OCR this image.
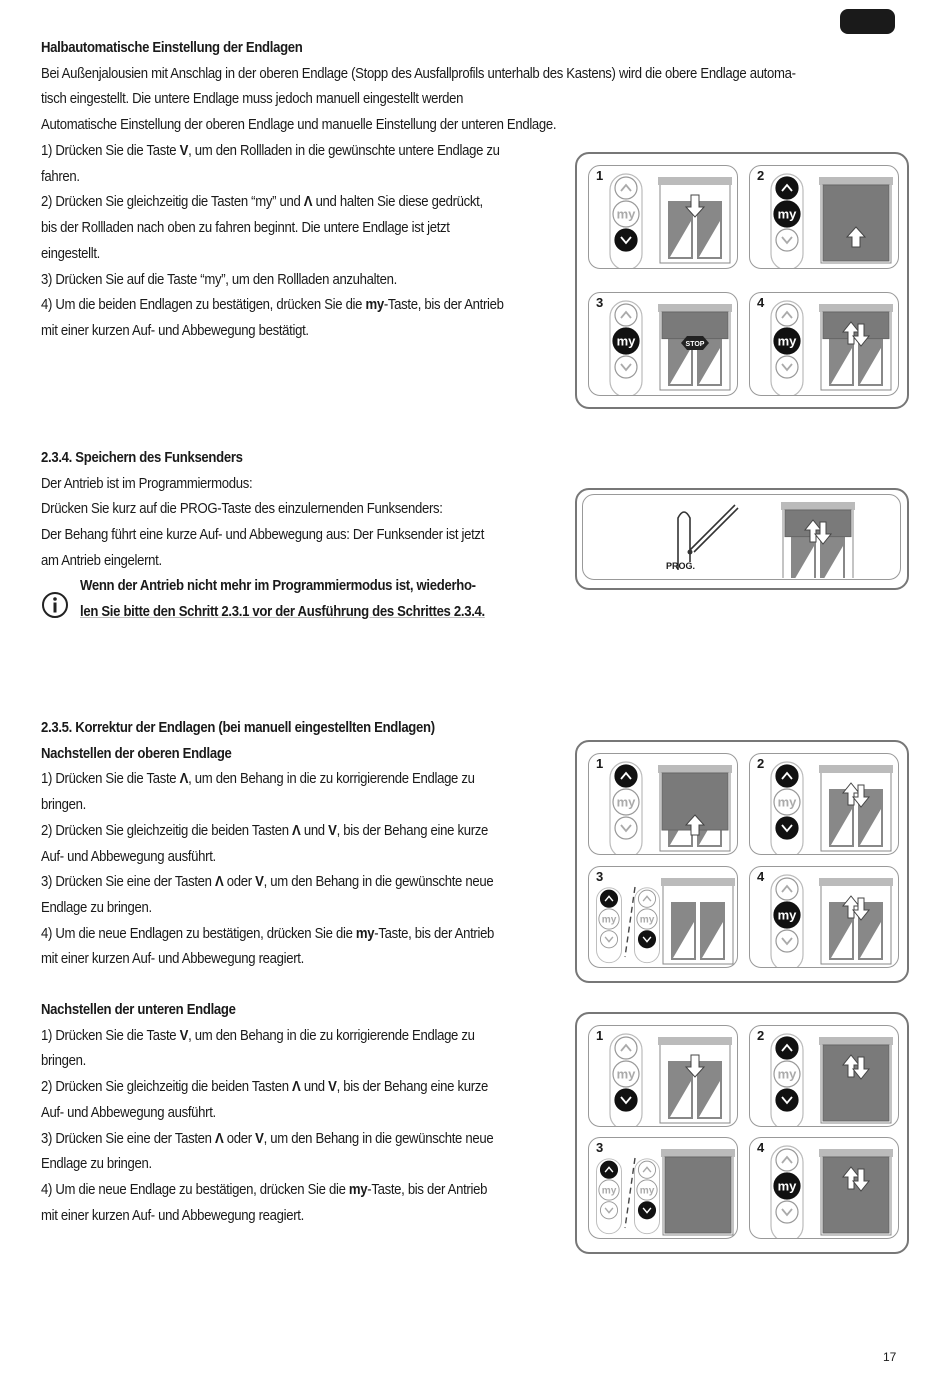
Halbautomatische Einstellung der Endlagen

Bei Außenjalousien mit Anschlag in der oberen Endlage (Stopp des Ausfallprofils unterhalb des Kastens) wird die obere Endlage automa-

tisch eingestellt. Die untere Endlage muss jedoch manuell eingestellt werden

Automatische Einstellung der oberen Endlage und manuelle Einstellung der unteren Endlage.

1) Drücken Sie die Taste V, um den Rollladen in die gewünschte untere Endlage zu

fahren.

2) Drücken Sie gleichzeitig die Tasten “my” und Λ und halten Sie diese gedrückt,

bis der Rollladen nach oben zu fahren beginnt. Die untere Endlage ist jetzt

eingestellt.

3) Drücken Sie auf die Taste “my”, um den Rollladen anzuhalten.

4) Um die beiden Endlagen zu bestätigen, drücken Sie die my-Taste, bis der Antrieb

mit einer kurzen Auf- und Abbewegung bestätigt.

2.3.4. Speichern des Funksenders

Der Antrieb ist im Programmiermodus:

Drücken Sie kurz auf die PROG-Taste des einzulernenden Funksenders:

Der Behang führt eine kurze Auf- und Abbewegung aus: Der Funksender ist jetzt

am Antrieb eingelernt.

Wenn der Antrieb nicht mehr im Programmiermodus ist, wiederho-

len Sie bitte den Schritt 2.3.1 vor der Ausführung des Schrittes 2.3.4.

2.3.5. Korrektur der Endlagen (bei manuell eingestellten Endlagen)

Nachstellen der oberen Endlage

1) Drücken Sie die Taste Λ, um den Behang in die zu korrigierende Endlage zu

bringen.

2) Drücken Sie gleichzeitig die beiden Tasten Λ und V, bis der Behang eine kurze

Auf- und Abbewegung ausführt.

3) Drücken Sie eine der Tasten Λ oder V, um den Behang in die gewünschte neue

Endlage zu bringen.

4) Um die neue Endlagen zu bestätigen, drücken Sie die my-Taste, bis der Antrieb

mit einer kurzen Auf- und Abbewegung reagiert.

Nachstellen der unteren Endlage

1) Drücken Sie die Taste V, um den Behang in die zu korrigierende Endlage zu

bringen.

2) Drücken Sie gleichzeitig die beiden Tasten Λ und V, bis der Behang eine kurze

Auf- und Abbewegung ausführt.

3) Drücken Sie eine der Tasten Λ oder V, um den Behang in die gewünschte neue

Endlage zu bringen.

4) Um die neue Endlage zu bestätigen, drücken Sie die my-Taste, bis der Antrieb

mit einer kurzen Auf- und Abbewegung reagiert.

17
PROG.
1
my
2
my
3
my	STOP
4
my
1
my
2
my
3
my my
4
my
1
my
2
my
3
my my
4
my
